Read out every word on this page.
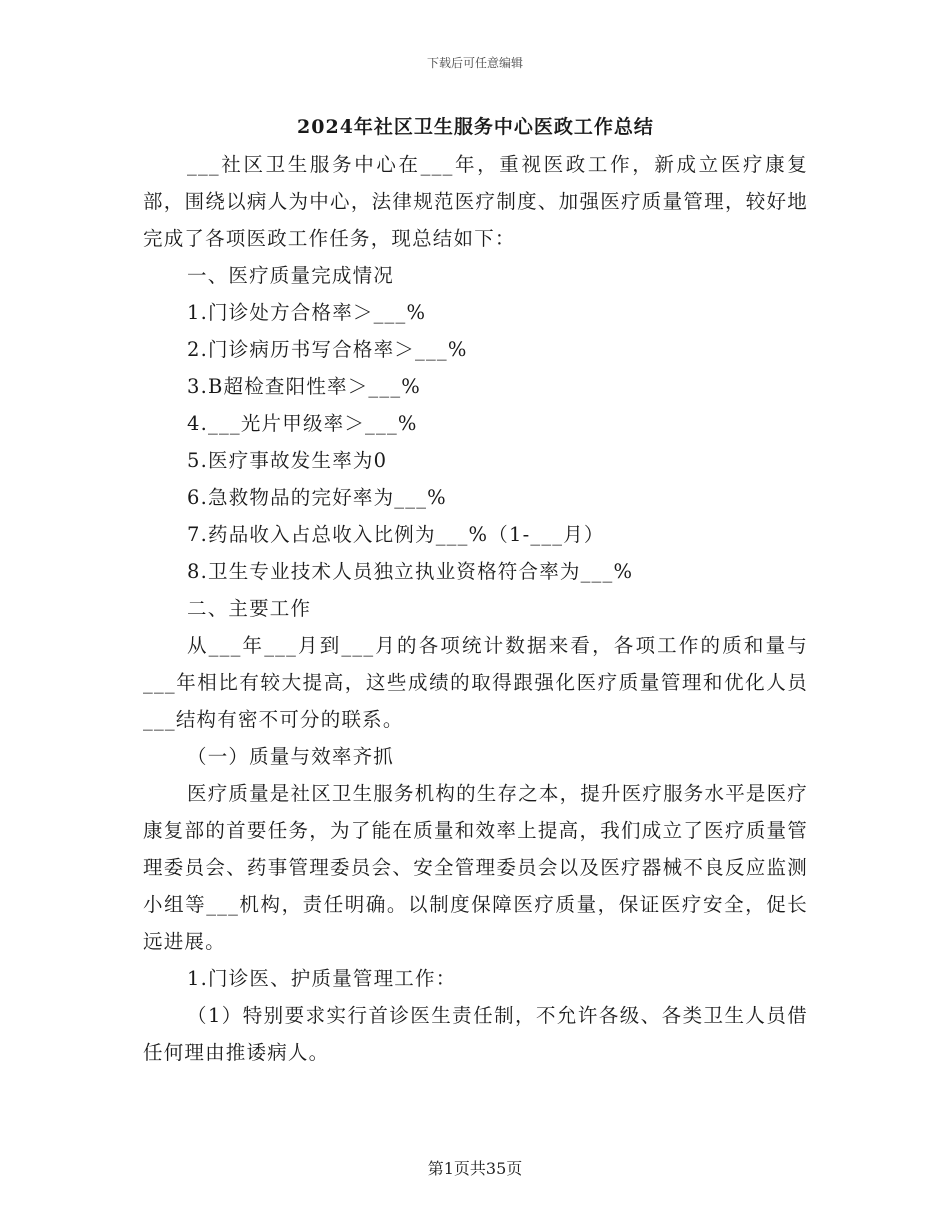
下载后可任意编辑
2024年社区卫生服务中心医政工作总结

___社区卫生服务中心在___年，重视医政工作，新成立医疗康复部，围绕以病人为中心，法律规范医疗制度、加强医疗质量管理，较好地完成了各项医政工作任务，现总结如下：

一、医疗质量完成情况

1.门诊处方合格率＞___%

2.门诊病历书写合格率＞___%

3.B超检查阳性率＞___%

4.___光片甲级率＞___%

5.医疗事故发生率为0

6.急救物品的完好率为___%

7.药品收入占总收入比例为___%（1-___月）

8.卫生专业技术人员独立执业资格符合率为___%

二、主要工作

从___年___月到___月的各项统计数据来看，各项工作的质和量与___年相比有较大提高，这些成绩的取得跟强化医疗质量管理和优化人员___结构有密不可分的联系。

（一）质量与效率齐抓

医疗质量是社区卫生服务机构的生存之本，提升医疗服务水平是医疗康复部的首要任务，为了能在质量和效率上提高，我们成立了医疗质量管理委员会、药事管理委员会、安全管理委员会以及医疗器械不良反应监测小组等___机构，责任明确。以制度保障医疗质量，保证医疗安全，促长远进展。

1.门诊医、护质量管理工作：

（1）特别要求实行首诊医生责任制，不允许各级、各类卫生人员借任何理由推诿病人。

第1页共35页
